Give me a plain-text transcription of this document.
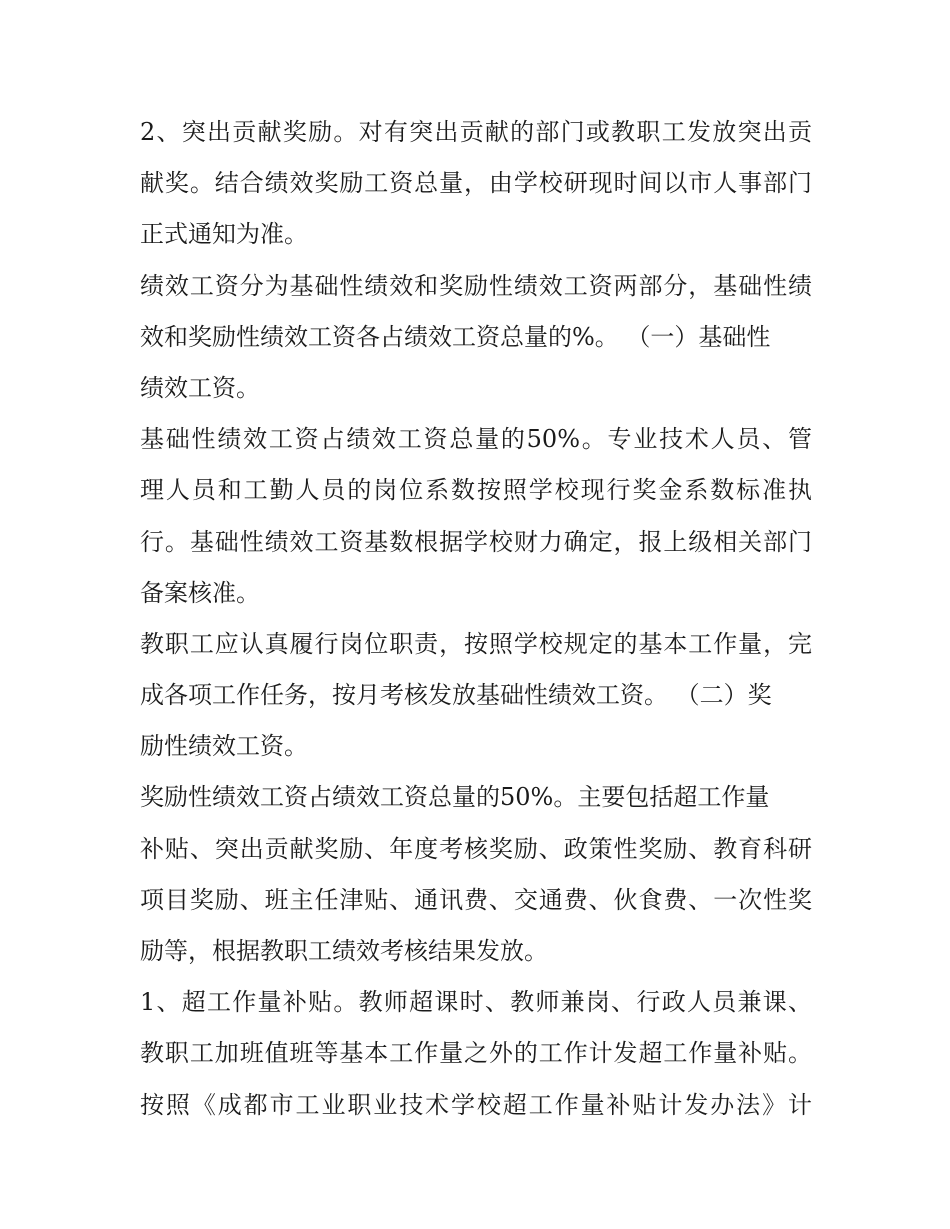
2、突出贡献奖励。对有突出贡献的部门或教职工发放突出贡
献奖。结合绩效奖励工资总量，由学校研现时间以市人事部门
正式通知为准。
绩效工资分为基础性绩效和奖励性绩效工资两部分，基础性绩
效和奖励性绩效工资各占绩效工资总量的%。 （一）基础性
绩效工资。
基础性绩效工资占绩效工资总量的50%。专业技术人员、管
理人员和工勤人员的岗位系数按照学校现行奖金系数标准执
行。基础性绩效工资基数根据学校财力确定，报上级相关部门
备案核准。
教职工应认真履行岗位职责，按照学校规定的基本工作量，完
成各项工作任务，按月考核发放基础性绩效工资。 （二）奖
励性绩效工资。
奖励性绩效工资占绩效工资总量的50%。主要包括超工作量
补贴、突出贡献奖励、年度考核奖励、政策性奖励、教育科研
项目奖励、班主任津贴、通讯费、交通费、伙食费、一次性奖
励等，根据教职工绩效考核结果发放。
1、超工作量补贴。教师超课时、教师兼岗、行政人员兼课、
教职工加班值班等基本工作量之外的工作计发超工作量补贴。
按照《成都市工业职业技术学校超工作量补贴计发办法》计
